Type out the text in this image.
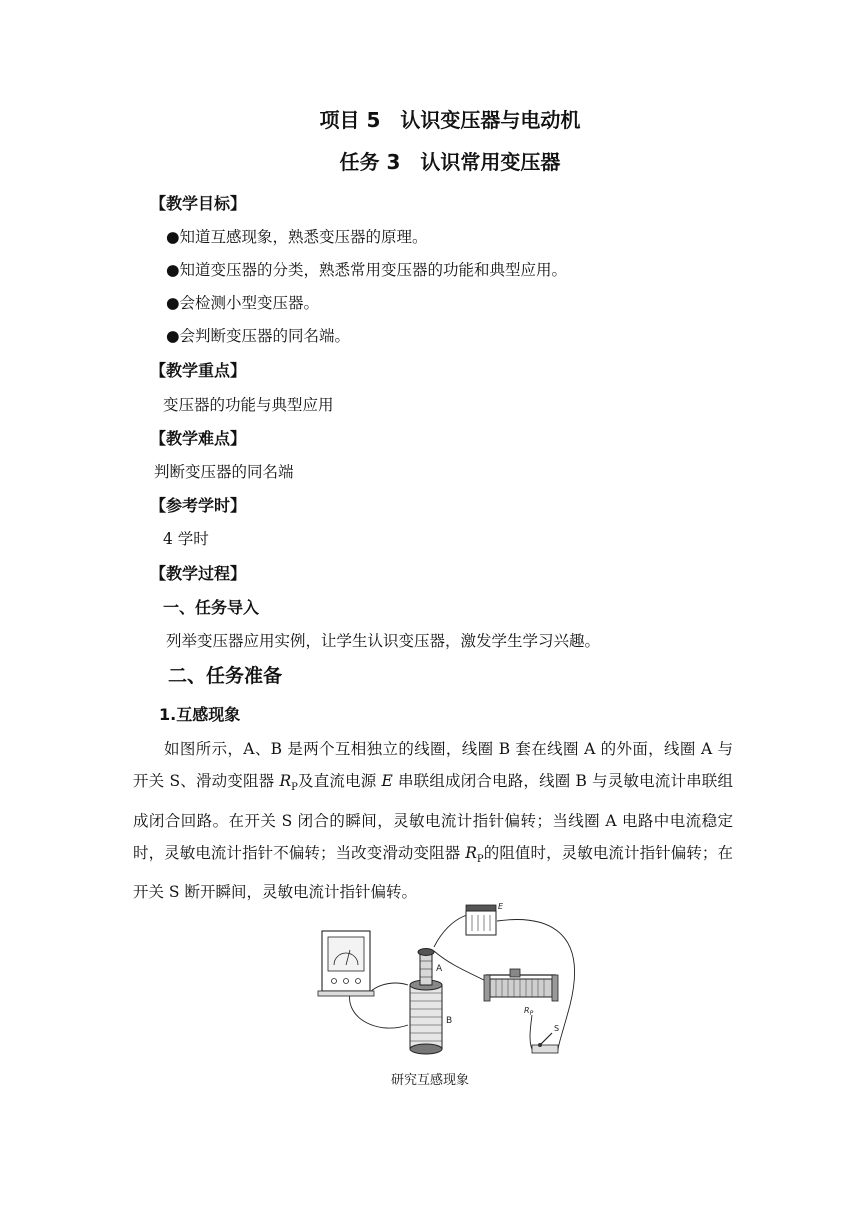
项目 5　认识变压器与电动机
任务 3　认识常用变压器
【教学目标】
●知道互感现象，熟悉变压器的原理。
●知道变压器的分类，熟悉常用变压器的功能和典型应用。
●会检测小型变压器。
●会判断变压器的同名端。
【教学重点】
变压器的功能与典型应用
【教学难点】
判断变压器的同名端
【参考学时】
4 学时
【教学过程】
一、任务导入
列举变压器应用实例，让学生认识变压器，激发学生学习兴趣。
二、任务准备
1.互感现象
如图所示，A、B 是两个互相独立的线圈，线圈 B 套在线圈 A 的外面，线圈 A 与开关 S、滑动变阻器 $R_P$及直流电源 E 串联组成闭合电路，线圈 B 与灵敏电流计串联组成闭合回路。在开关 S 闭合的瞬间，灵敏电流计指针偏转；当线圈 A 电路中电流稳定时，灵敏电流计指针不偏转；当改变滑动变阻器 $R_P$的阻值时，灵敏电流计指针偏转；在开关 S 断开瞬间，灵敏电流计指针偏转。
A
B
E
$R_P$
S
研究互感现象
